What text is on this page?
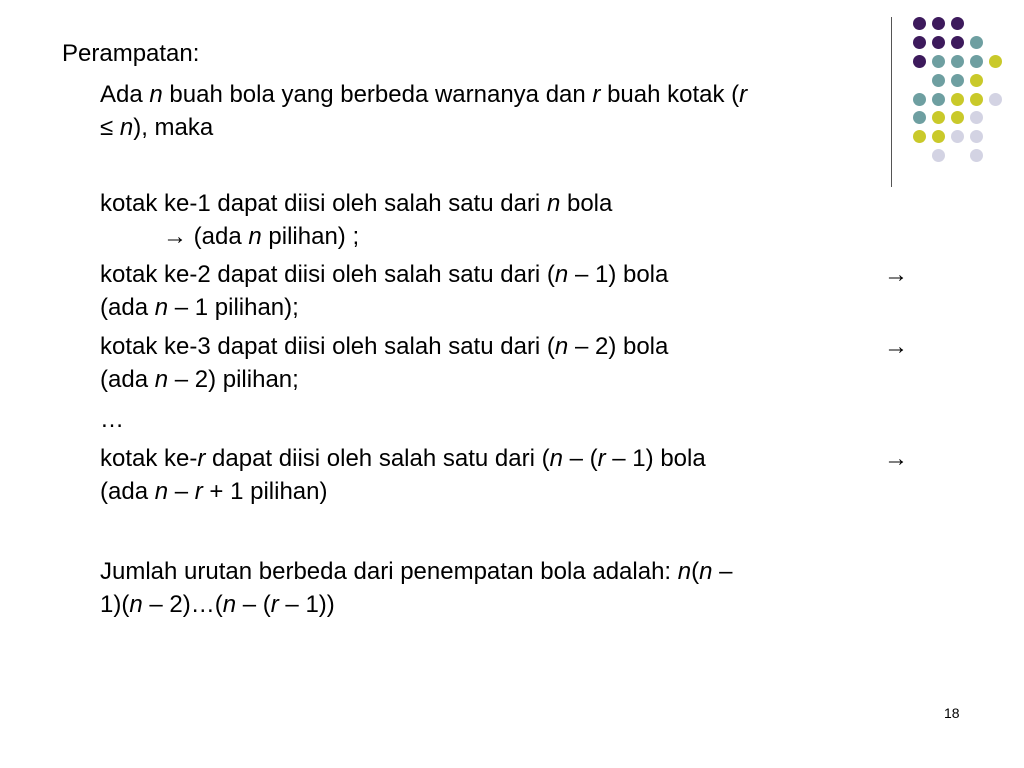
Perampatan:
Ada n buah bola yang berbeda warnanya dan r buah kotak (r
≤ n), maka
kotak ke-1 dapat diisi oleh salah satu dari n bola
→ (ada n pilihan) ;
kotak ke-2 dapat diisi oleh salah satu dari (n – 1) bola
(ada n – 1 pilihan);
→
kotak ke-3 dapat diisi oleh salah satu dari (n – 2) bola
(ada n – 2) pilihan;
→
…
kotak ke-r dapat diisi oleh salah satu dari (n – (r – 1) bola
(ada n – r + 1 pilihan)
→
Jumlah urutan berbeda dari penempatan bola adalah: n(n –
1)(n – 2)…(n – (r – 1))
18
